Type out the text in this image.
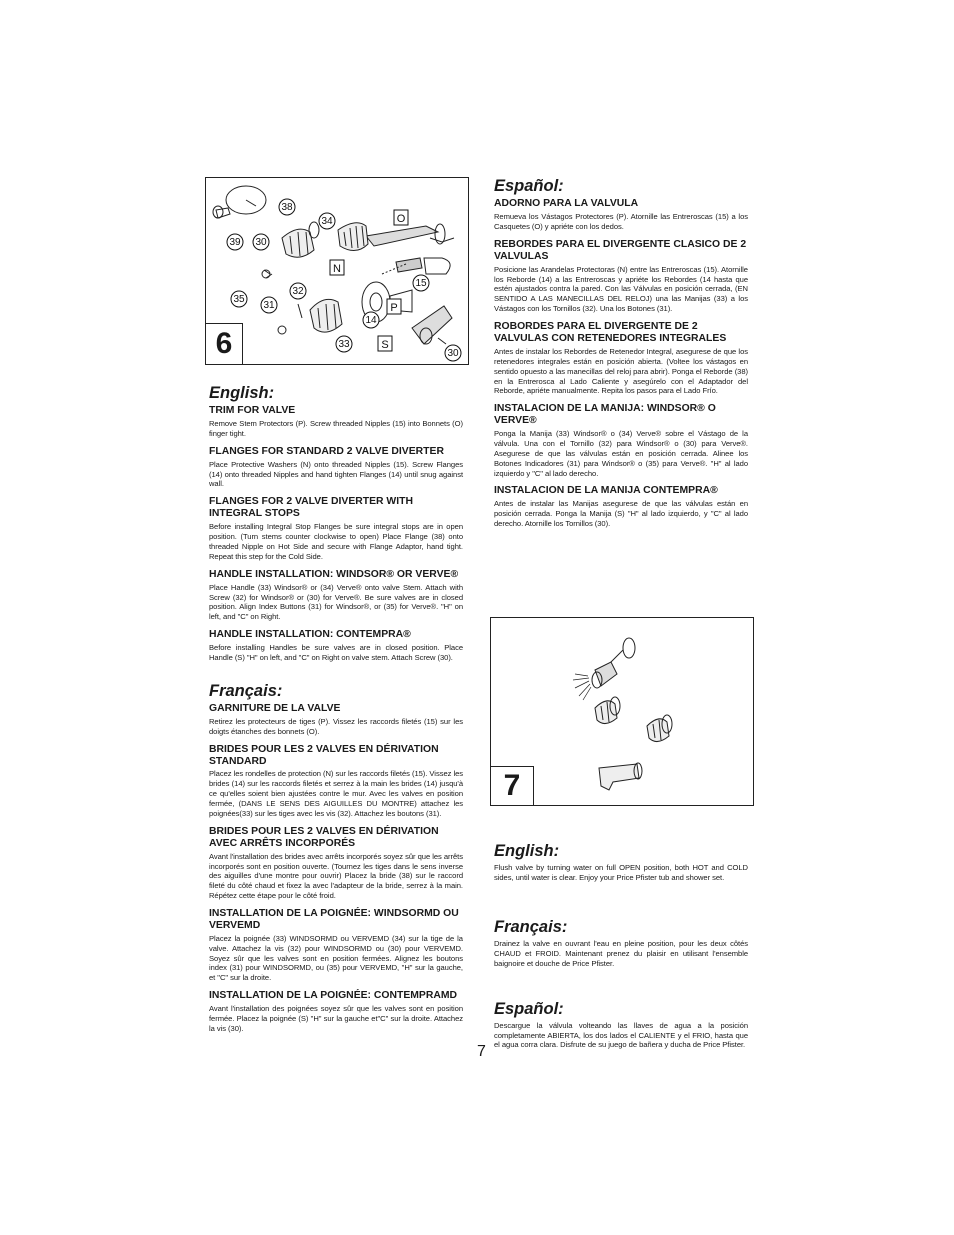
38
34	O
39 30
N
15
35
31
32
P
14
33	S
30
6
English:
TRIM FOR VALVE

Remove Stem Protectors (P). Screw threaded Nipples (15) into Bonnets (O) finger tight.

FLANGES FOR STANDARD 2 VALVE DIVERTER

Place Protective Washers (N) onto threaded Nipples (15). Screw Flanges (14) onto threaded Nipples and hand tighten Flanges (14) until snug against wall.

FLANGES FOR 2 VALVE DIVERTER WITH INTEGRAL STOPS

Before installing Integral Stop Flanges be sure integral stops are in open position. (Turn stems counter clockwise to open) Place Flange (38) onto threaded Nipple on Hot Side and secure with Flange Adaptor, hand tight. Repeat this step for the Cold Side.

HANDLE INSTALLATION: WINDSOR® OR VERVE®

Place Handle (33) Windsor® or (34) Verve® onto valve Stem. Attach with Screw (32) for Windsor® or (30) for Verve®. Be sure valves are in closed position. Align Index Buttons (31) for Windsor®, or (35) for Verve®. "H" on left, and "C" on Right.

HANDLE INSTALLATION: CONTEMPRA®

Before installing Handles be sure valves are in closed position. Place Handle (S) "H" on left, and "C" on Right on valve stem. Attach Screw (30).

Français:
GARNITURE DE LA VALVE

Retirez les protecteurs de tiges (P). Vissez les raccords filetés (15) sur les doigts étanches des bonnets (O).

BRIDES POUR LES 2 VALVES EN DÉRIVATION STANDARD

Placez les rondelles de protection (N) sur les raccords filetés (15). Vissez les brides (14) sur les raccords filetés et serrez à la main les brides (14) jusqu'à ce qu'elles soient bien ajustées contre le mur. Avec les valves en position fermée, (DANS LE SENS DES AIGUILLES DU MONTRE) attachez les poignées(33) sur les tiges avec les vis (32). Attachez les boutons (31).

BRIDES POUR LES 2 VALVES EN DÉRIVATION AVEC ARRÊTS INCORPORÉS

Avant l'installation des brides avec arrêts incorporés soyez sûr que les arrêts incorporés sont en position ouverte. (Tournez les tiges dans le sens inverse des aiguilles d'une montre pour ouvrir) Placez la bride (38) sur le raccord fileté du côté chaud et fixez la avec l'adapteur de la bride, serrez à la main. Répétez cette étape pour le côté froid.

INSTALLATION DE LA POIGNÉE: WINDSORMD OU VERVEMD

Placez la poignée (33) WINDSORMD ou VERVEMD (34) sur la tige de la valve. Attachez la vis (32) pour WINDSORMD ou (30) pour VERVEMD. Soyez sûr que les valves sont en position fermées. Alignez les boutons index (31) pour WINDSORMD, ou (35) pour VERVEMD, "H" sur la gauche, et "C" sur la droite.

INSTALLATION DE LA POIGNÉE: CONTEMPRAMD

Avant l'installation des poignées soyez sûr que les valves sont en position fermée. Placez la poignée (S) "H" sur la gauche et"C" sur la droite. Attachez la vis (30).

Español:
ADORNO PARA LA VALVULA

Remueva los Vástagos Protectores (P). Atornille las Entreroscas (15) a los Casquetes (O) y apriéte con los dedos.

REBORDES PARA EL DIVERGENTE CLASICO DE 2 VALVULAS

Posicione las Arandelas Protectoras (N) entre las Entreroscas (15). Atornille los Reborde (14) a las Entreroscas y apriéte los Rebordes (14 hasta que estén ajustados contra la pared. Con las Válvulas en posición cerrada, (EN SENTIDO A LAS MANECILLAS DEL RELOJ) una las Manijas (33) a los Vástagos con los Tornillos (32). Una los Botones (31).

ROBORDES PARA EL DIVERGENTE DE 2 VALVULAS CON RETENEDORES INTEGRALES

Antes de instalar los Rebordes de Retenedor Integral, asegurese de que los retenedores integrales están en posición abierta. (Voltee los vástagos en sentido opuesto a las manecillas del reloj para abrir). Ponga el Reborde (38) en la Entrerosca al Lado Caliente y asegúrelo con el Adaptador del Reborde, apriéte manualmente. Repita los pasos para el Lado Frío.

INSTALACION DE LA MANIJA: WINDSOR® O VERVE®

Ponga la Manija (33) Windsor® o (34) Verve® sobre el Vástago de la válvula. Una con el Tornillo (32) para Windsor® o (30) para Verve®. Asegurese de que las válvulas están en posición cerrada. Alinee los Botones Indicadores (31) para Windsor® o (35) para Verve®. "H" al lado izquierdo y "C" al lado derecho.

INSTALACION DE LA MANIJA CONTEMPRA®

Antes de instalar las Manijas asegurese de que las válvulas están en posición cerrada. Ponga la Manija (S) "H" al lado izquierdo, y "C" al lado derecho. Atornille los Tornillos (30).

7
English:

Flush valve by turning water on full OPEN position, both HOT and COLD sides, until water is clear. Enjoy your Price Pfister tub and shower set.

Français:

Drainez la valve en ouvrant l'eau en pleine position, pour les deux côtés CHAUD et FROID. Maintenant prenez du plaisir en utilisant l'ensemble baignoire et douche de Price Pfister.

Español:

Descargue la válvula volteando las llaves de agua a la posición completamente ABIERTA, los dos lados el CALIENTE y el FRIO, hasta que el agua corra clara. Disfrute de su juego de bañera y ducha de Price Pfister.

7
